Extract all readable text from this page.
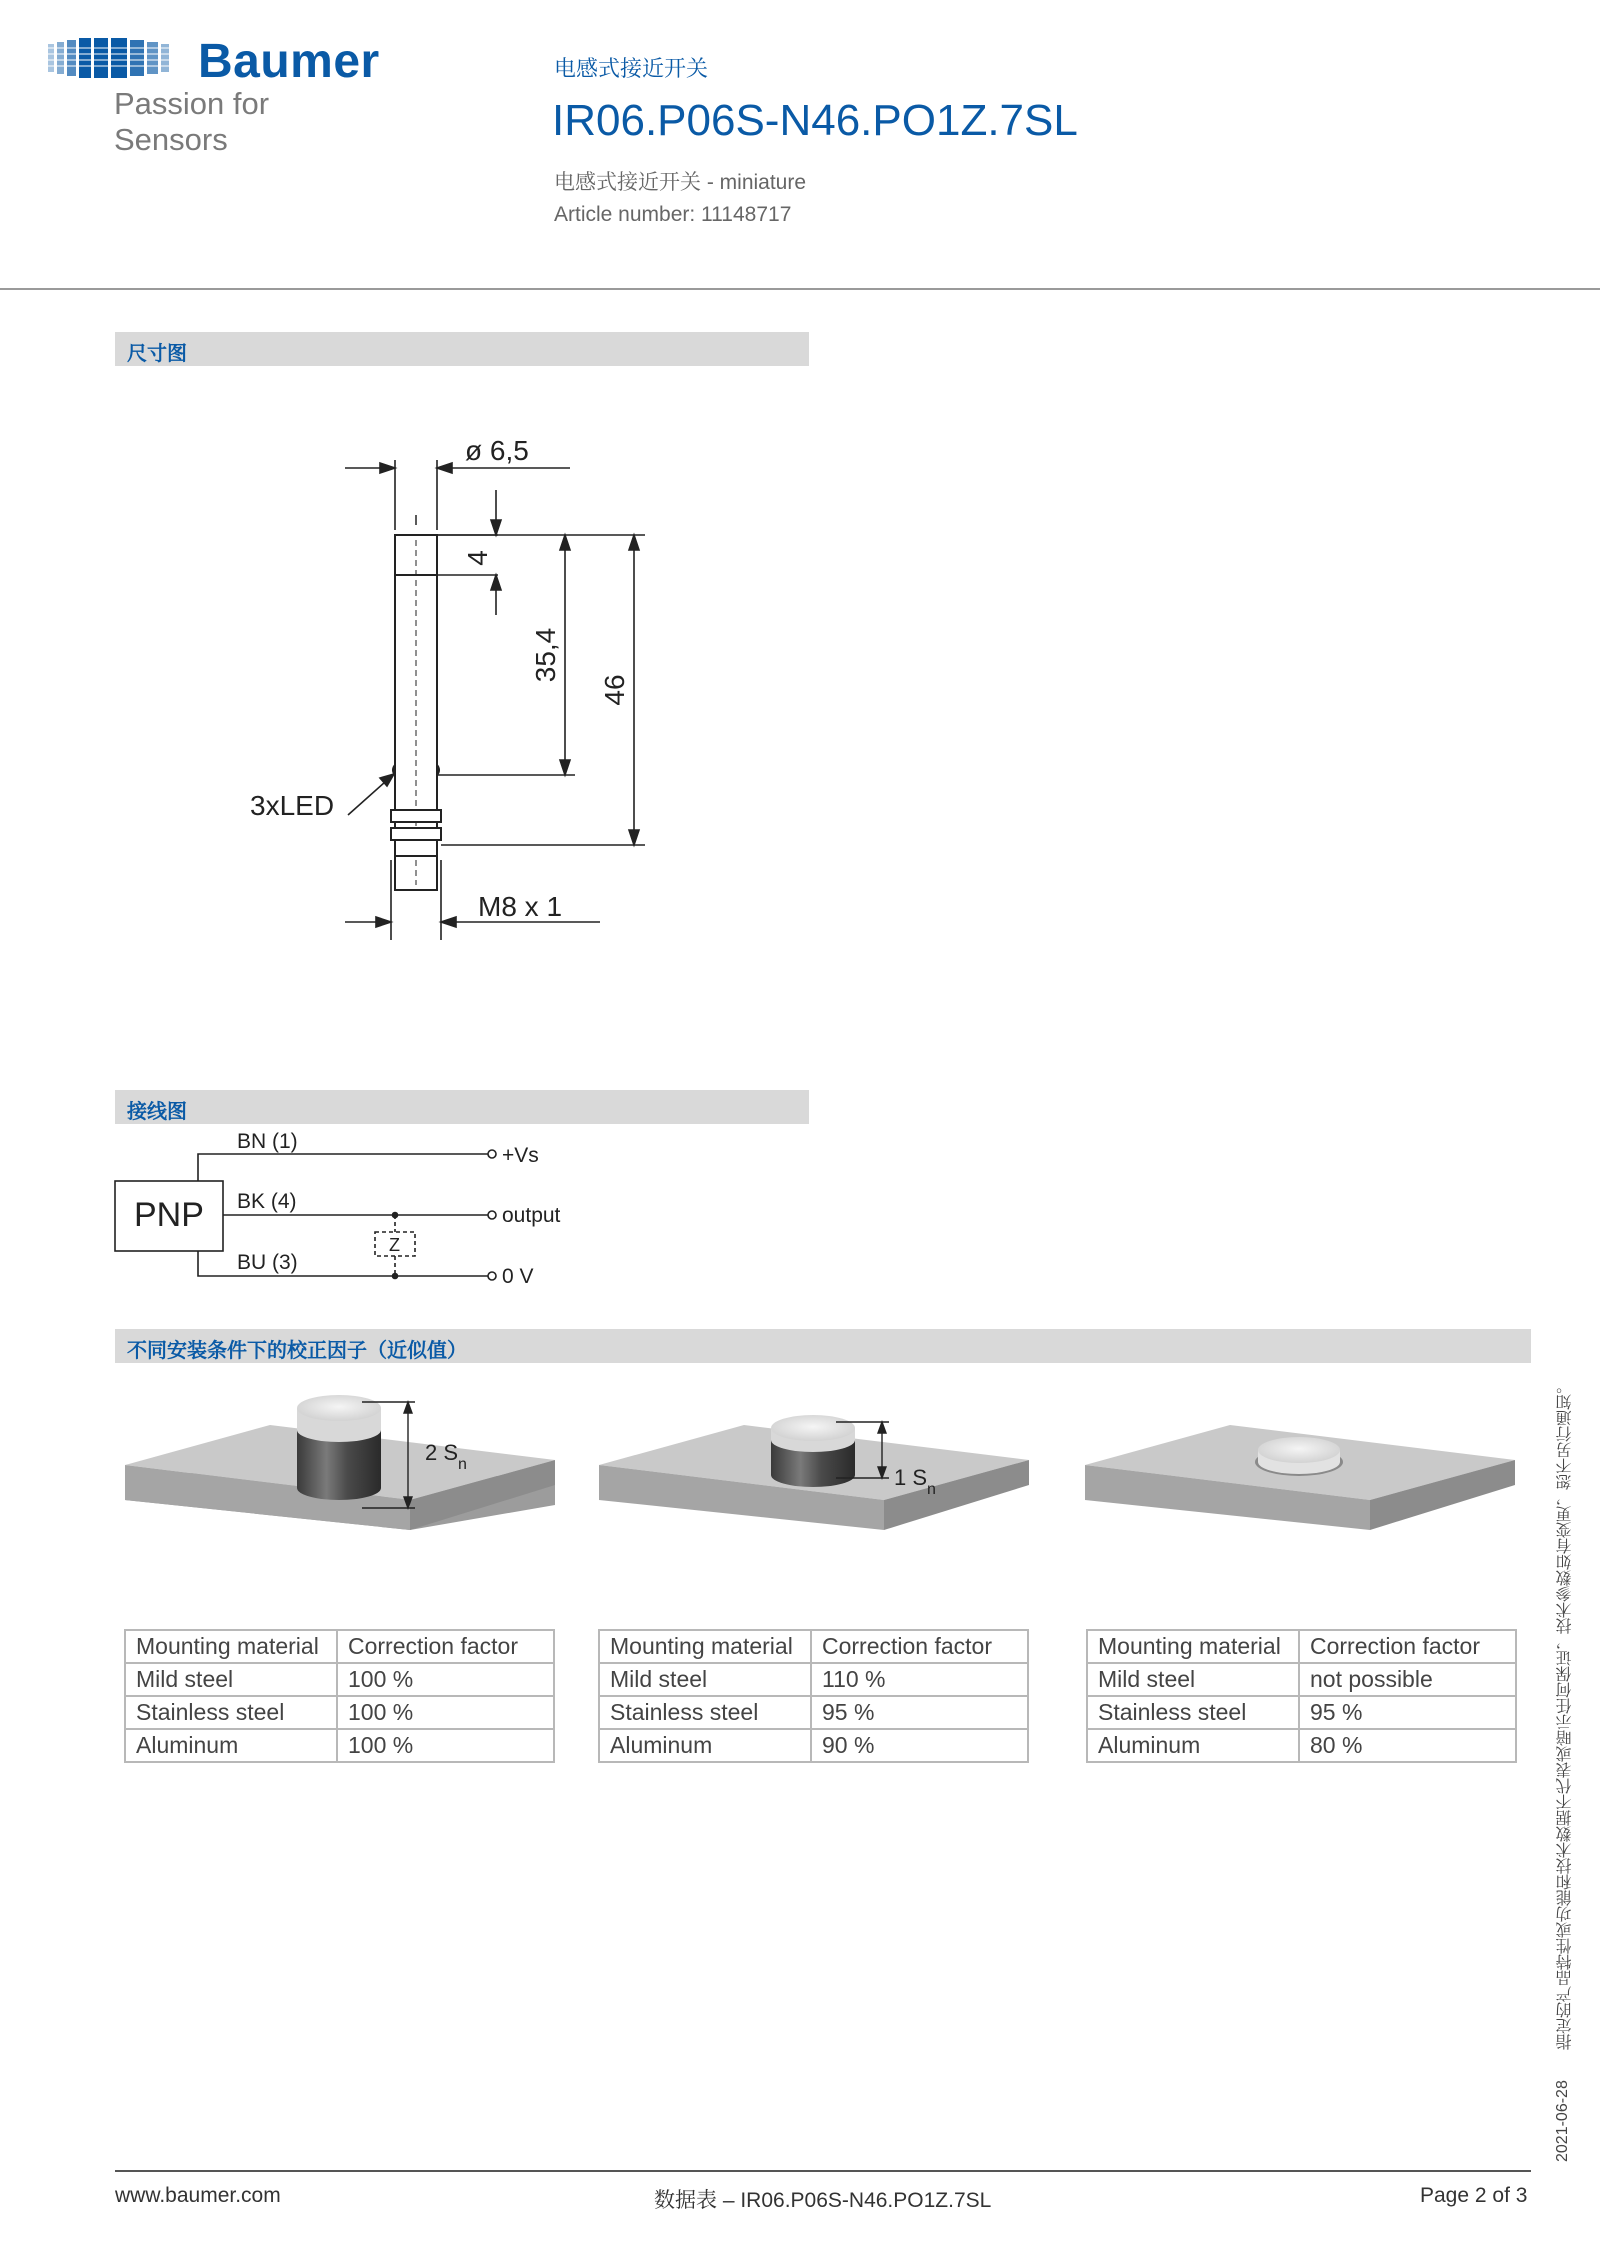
Baumer
Passion for Sensors
电感式接近开关
IR06.P06S-N46.PO1Z.7SL
电感式接近开关 - miniature
Article number: 11148717
尺寸图
ø 6,5
4
35,4
46
3xLED
M8 x 1
接线图
PNP
BN (1)
BK (4)
BU (3)
+Vs
output
0 V
Z
不同安装条件下的校正因子（近似值）
2 $S_n$
1 $S_n$
Mounting material	Correction factor
Mild steel	100 %
Stainless steel	100 %
Aluminum	100 %
Mounting material	Correction factor
Mild steel	110 %
Stainless steel	95 %
Aluminum	90 %
Mounting material	Correction factor
Mild steel	not possible
Stainless steel	95 %
Aluminum	80 %
2021-06-28
指定的产品特性或功能和技术数据不代表或暗示任何保证，技术参数如有变更，恕不另行通知。
www.baumer.com	数据表 – IR06.P06S-N46.PO1Z.7SL	Page 2 of 3
